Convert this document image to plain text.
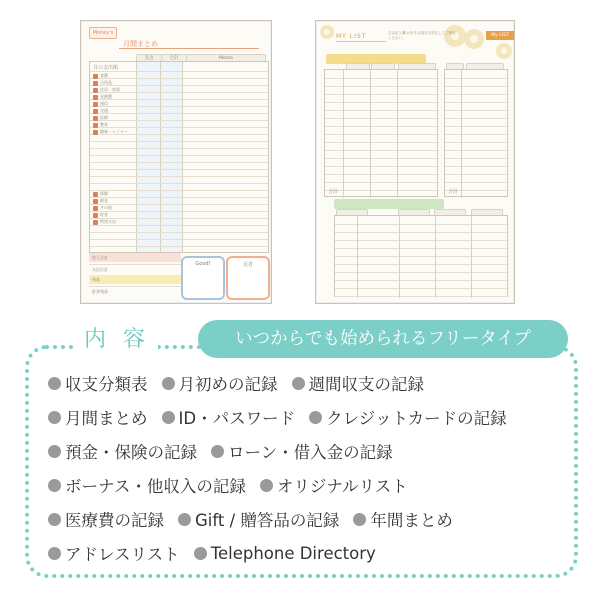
Money's
月間まとめ
支出	合計	Memo
月の支出額
食費
日用品
住居・家賃
光熱費
通信
交通
医療
教育
趣味・レジャー
保険
税金
その他
貯金
特別支出
収入合計
支出合計
残高
貯金残高
Good!	反省
MY LIST	自由記入欄 お好きな項目を設定してご利用ください。	My LIST
合計	合計
内 容	いつからでも始められるフリータイプ
収支分類表 月初めの記録 週間収支の記録
月間まとめ ID・パスワード クレジットカードの記録
預金・保険の記録 ローン・借入金の記録
ボーナス・他収入の記録 オリジナルリスト
医療費の記録 Gift / 贈答品の記録 年間まとめ
アドレスリスト Telephone Directory
